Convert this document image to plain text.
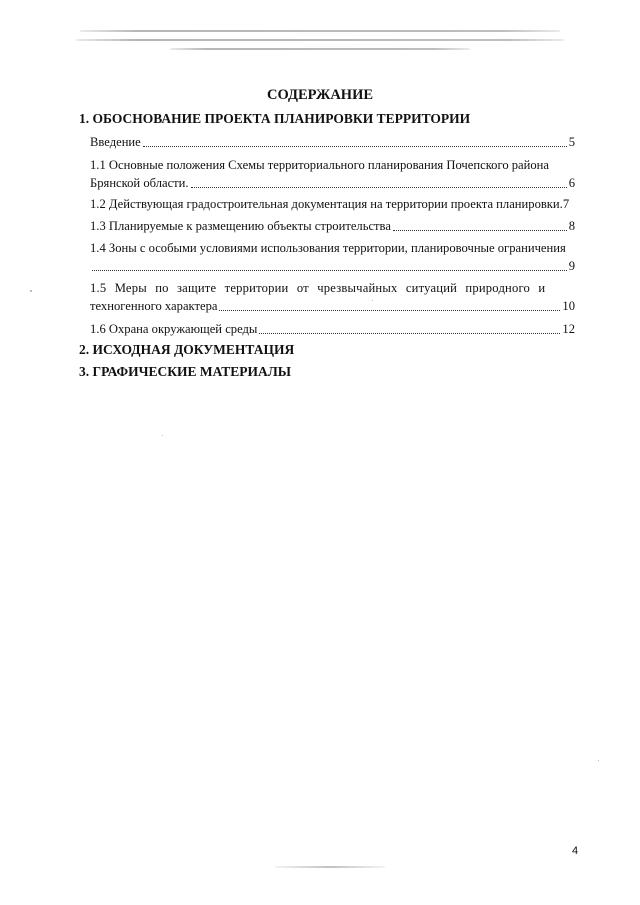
СОДЕРЖАНИЕ
1. ОБОСНОВАНИЕ ПРОЕКТА ПЛАНИРОВКИ ТЕРРИТОРИИ
Введение	5
1.1 Основные положения Схемы территориального планирования Почепского района
Брянской области.	6
1.2 Действующая градостроительная документация на территории проекта планировки. 7
1.3 Планируемые к размещению объекты строительства	8
1.4 Зоны с особыми условиями использования территории, планировочные ограничения
9
1.5 Меры по защите территории от чрезвычайных ситуаций природного и
техногенного характера	10
1.6 Охрана окружающей среды	12
2. ИСХОДНАЯ ДОКУМЕНТАЦИЯ
3. ГРАФИЧЕСКИЕ МАТЕРИАЛЫ
4
